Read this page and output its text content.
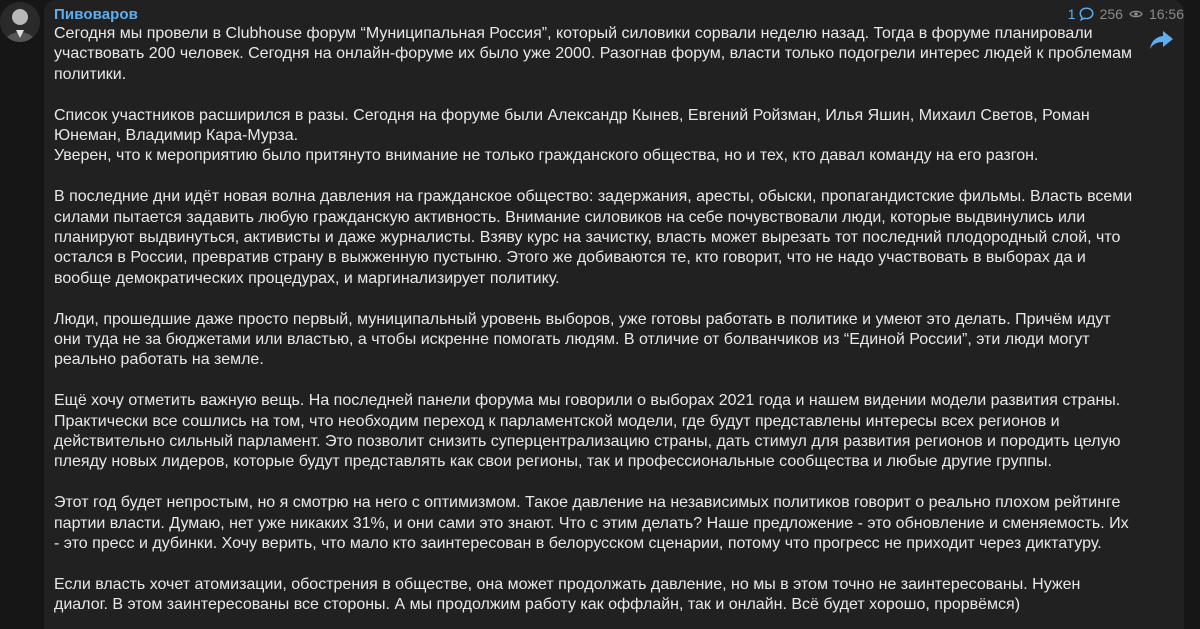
Пивоваров	1 256 16:56

Сегодня мы провели в Clubhouse форум “Муниципальная Россия”, который силовики сорвали неделю назад. Тогда в форуме планировали участвовать 200 человек. Сегодня на онлайн-форуме их было уже 2000. Разогнав форум, власти только подогрели интерес людей к проблемам политики.

Список участников расширился в разы. Сегодня на форуме были Александр Кынев, Евгений Ройзман, Илья Яшин, Михаил Светов, Роман Юнеман, Владимир Кара-Мурза.
Уверен, что к мероприятию было притянуто внимание не только гражданского общества, но и тех, кто давал команду на его разгон.

В последние дни идёт новая волна давления на гражданское общество: задержания, аресты, обыски, пропагандистские фильмы. Власть всеми силами пытается задавить любую гражданскую активность. Внимание силовиков на себе почувствовали люди, которые выдвинулись или планируют выдвинуться, активисты и даже журналисты. Взяву курс на зачистку, власть может вырезать тот последний плодородный слой, что остался в России, превратив страну в выжженную пустыню. Этого же добиваются те, кто говорит, что не надо участвовать в выборах да и вообще демократических процедурах, и маргинализирует политику.

Люди, прошедшие даже просто первый, муниципальный уровень выборов, уже готовы работать в политике и умеют это делать. Причём идут они туда не за бюджетами или властью, а чтобы искренне помогать людям. В отличие от болванчиков из “Единой России”, эти люди могут реально работать на земле.

Ещё хочу отметить важную вещь. На последней панели форума мы говорили о выборах 2021 года и нашем видении модели развития страны. Практически все сошлись на том, что необходим переход к парламентской модели, где будут представлены интересы всех регионов и действительно сильный парламент. Это позволит снизить суперцентрализацию страны, дать стимул для развития регионов и породить целую плеяду новых лидеров, которые будут представлять как свои регионы, так и профессиональные сообщества и любые другие группы.

Этот год будет непростым, но я смотрю на него с оптимизмом. Такое давление на независимых политиков говорит о реально плохом рейтинге партии власти. Думаю, нет уже никаких 31%, и они сами это знают. Что с этим делать? Наше предложение - это обновление и сменяемость. Их - это пресс и дубинки. Хочу верить, что мало кто заинтересован в белорусском сценарии, потому что прогресс не приходит через диктатуру.

Если власть хочет атомизации, обострения в обществе, она может продолжать давление, но мы в этом точно не заинтересованы. Нужен диалог. В этом заинтересованы все стороны. А мы продолжим работу как оффлайн, так и онлайн. Всё будет хорошо, прорвёмся)
